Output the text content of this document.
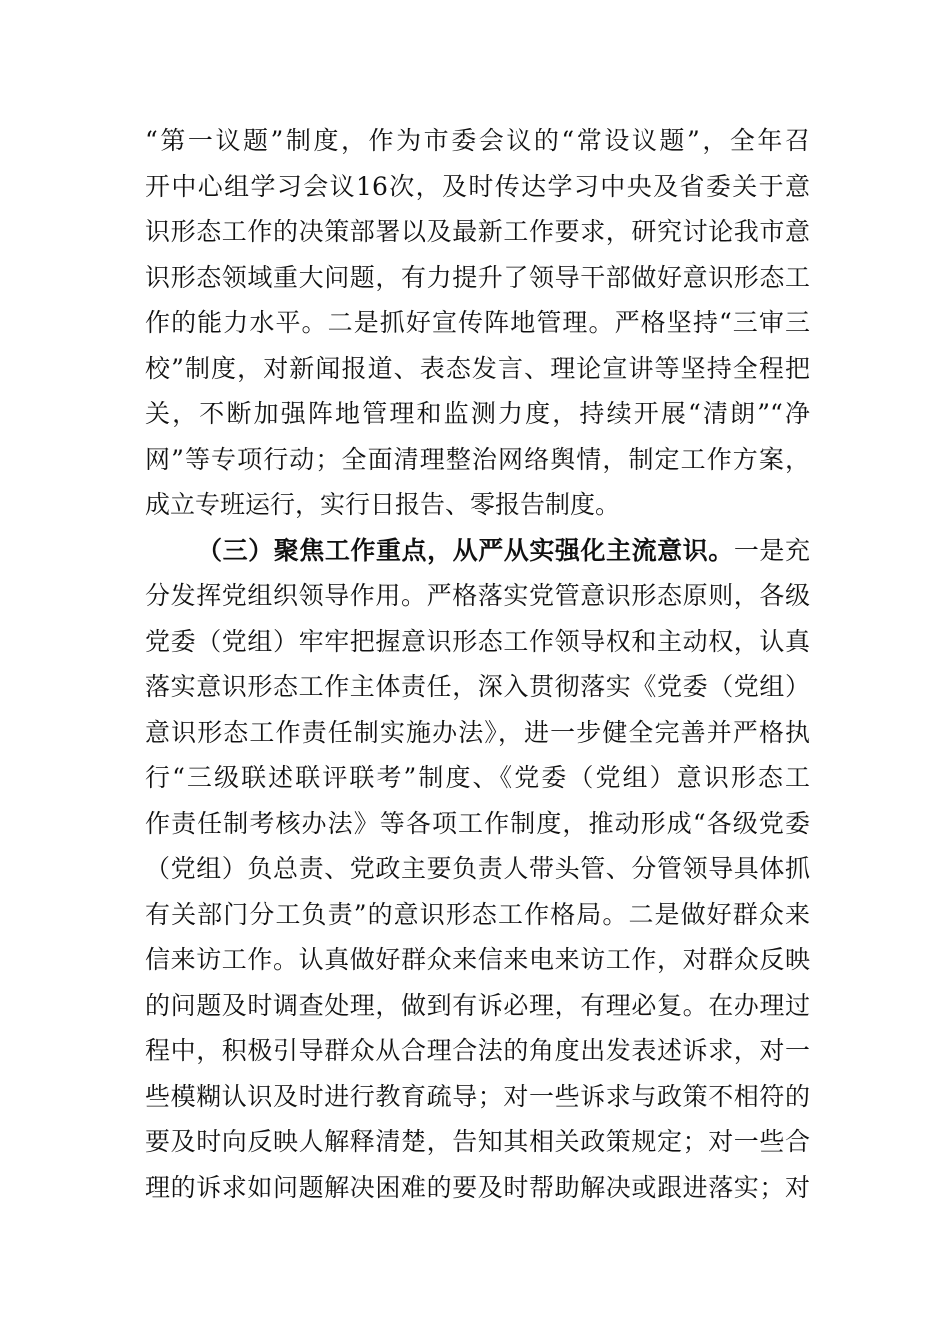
“第一议题”制度，作为市委会议的“常设议题”，全年召
开中心组学习会议16次，及时传达学习中央及省委关于意
识形态工作的决策部署以及最新工作要求，研究讨论我市意
识形态领域重大问题，有力提升了领导干部做好意识形态工
作的能力水平。二是抓好宣传阵地管理。严格坚持“三审三
校”制度，对新闻报道、表态发言、理论宣讲等坚持全程把
关，不断加强阵地管理和监测力度，持续开展“清朗”“净
网”等专项行动；全面清理整治网络舆情，制定工作方案，
成立专班运行，实行日报告、零报告制度。
（三）聚焦工作重点，从严从实强化主流意识。一是充
分发挥党组织领导作用。严格落实党管意识形态原则，各级
党委（党组）牢牢把握意识形态工作领导权和主动权，认真
落实意识形态工作主体责任，深入贯彻落实《党委（党组）
意识形态工作责任制实施办法》，进一步健全完善并严格执
行“三级联述联评联考”制度、《党委（党组）意识形态工
作责任制考核办法》等各项工作制度，推动形成“各级党委
（党组）负总责、党政主要负责人带头管、分管领导具体抓
有关部门分工负责”的意识形态工作格局。二是做好群众来
信来访工作。认真做好群众来信来电来访工作，对群众反映
的问题及时调查处理，做到有诉必理，有理必复。在办理过
程中，积极引导群众从合理合法的角度出发表述诉求，对一
些模糊认识及时进行教育疏导；对一些诉求与政策不相符的
要及时向反映人解释清楚，告知其相关政策规定；对一些合
理的诉求如问题解决困难的要及时帮助解决或跟进落实；对
